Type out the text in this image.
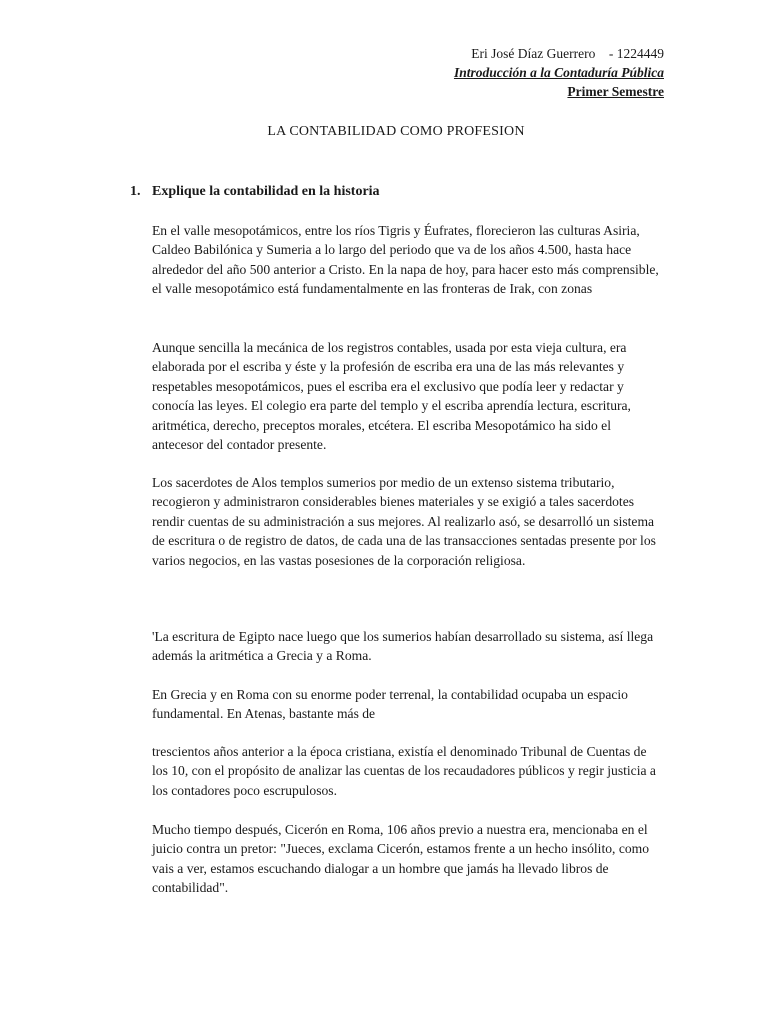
Eri José Díaz Guerrero    - 1224449
Introducción a la Contaduría Pública
Primer Semestre
LA CONTABILIDAD COMO PROFESION
1. Explique la contabilidad en la historia

En el valle mesopotámicos, entre los ríos Tigris y Éufrates, florecieron las culturas Asiria, Caldeo Babilónica y Sumeria a lo largo del periodo que va de los años 4.500, hasta hace alrededor del año 500 anterior a Cristo. En la napa de hoy, para hacer esto más comprensible, el valle mesopotámico está fundamentalmente en las fronteras de Irak, con zonas

Aunque sencilla la mecánica de los registros contables, usada por esta vieja cultura, era elaborada por el escriba y éste y la profesión de escriba era una de las más relevantes y respetables mesopotámicos, pues el escriba era el exclusivo que podía leer y redactar y conocía las leyes. El colegio era parte del templo y el escriba aprendía lectura, escritura, aritmética, derecho, preceptos morales, etcétera. El escriba Mesopotámico ha sido el antecesor del contador presente.

Los sacerdotes de Alos templos sumerios por medio de un extenso sistema tributario, recogieron y administraron considerables bienes materiales y se exigió a tales sacerdotes rendir cuentas de su administración a sus mejores. Al realizarlo asó, se desarrolló un sistema de escritura o de registro de datos, de cada una de las transacciones sentadas presente por los varios negocios, en las vastas posesiones de la corporación religiosa.

'La escritura de Egipto nace luego que los sumerios habían desarrollado su sistema, así llega además la aritmética a Grecia y a Roma.

En Grecia y en Roma con su enorme poder terrenal, la contabilidad ocupaba un espacio fundamental. En Atenas, bastante más de

trescientos años anterior a la época cristiana, existía el denominado Tribunal de Cuentas de los 10, con el propósito de analizar las cuentas de los recaudadores públicos y regir justicia a los contadores poco escrupulosos.

Mucho tiempo después, Cicerón en Roma, 106 años previo a nuestra era, mencionaba en el juicio contra un pretor: "Jueces, exclama Cicerón, estamos frente a un hecho insólito, como vais a ver, estamos escuchando dialogar a un hombre que jamás ha llevado libros de contabilidad".
